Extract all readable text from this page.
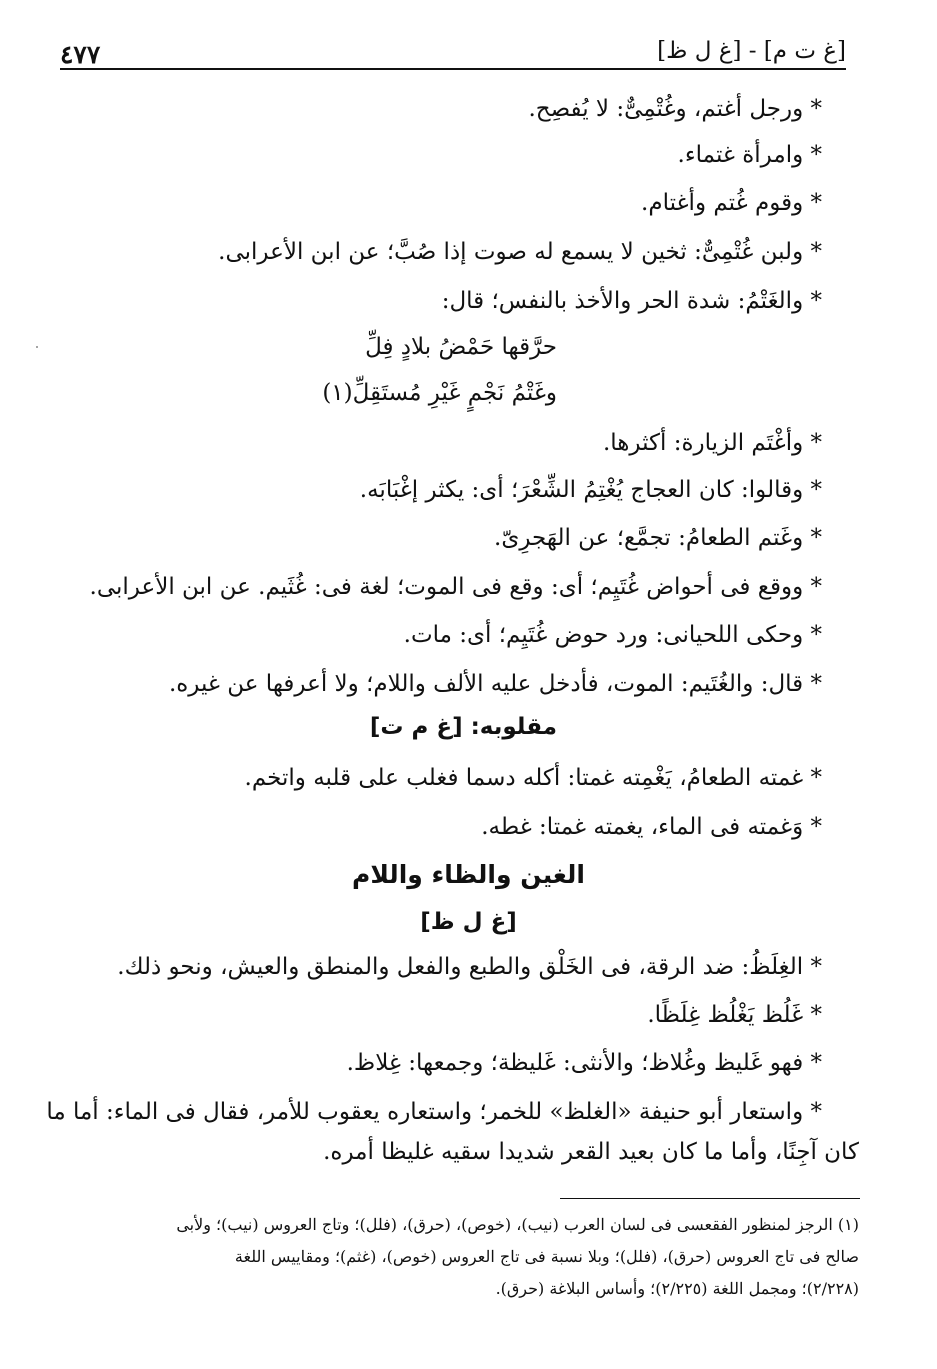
٤٧٧	[غ ت م] - [غ ل ظ]
* ورجل أغتم، وغُتْمِىٌّ: لا يُفصِح.
* وامرأة غتماء.
* وقوم غُتم وأغتام.
* ولبن غُتْمِىٌّ: ثخين لا يسمع له صوت إذا صُبَّ؛ عن ابن الأعرابى.
* والغَتْمُ: شدة الحر والأخذ بالنفس؛ قال:
حرَّقها حَمْضُ بلادٍ فِلِّ
وغَتْمُ نَجْمٍ غَيْرِ مُستَقِلِّ(١)
* وأغْتَم الزيارة: أكثرها.
* وقالوا: كان العجاج يُغْتِمُ الشِّعْرَ؛ أى: يكثر إغْبَابَه.
* وغَتم الطعامُ: تجمَّع؛ عن الهَجرِىّ.
* ووقع فى أحواض غُتَيِم؛ أى: وقع فى الموت؛ لغة فى: غُثَيم. عن ابن الأعرابى.
* وحكى اللحيانى: ورد حوض غُتَيِم؛ أى: مات.
* قال: والغُتَيم: الموت، فأدخل عليه الألف واللام؛ ولا أعرفها عن غيره.
مقلوبه: [غ م ت]
* غمته الطعامُ، يَغْمِته غمتا: أكله دسما فغلب على قلبه واتخم.
* وَغمته فى الماء، يغمته غمتا: غطه.
الغين والظاء واللام
[غ ل ظ]
* الغِلَظُ: ضد الرقة، فى الخَلْق والطبع والفعل والمنطق والعيش، ونحو ذلك.
* غَلُظ يَغْلُظ غِلَظًا.
* فهو غَليظ وغُلاظ؛ والأنثى: غَليظة؛ وجمعها: غِلاظ.
* واستعار أبو حنيفة «الغلظ» للخمر؛ واستعاره يعقوب للأمر، فقال فى الماء: أما ما
كان آجِنًا، وأما ما كان بعيد القعر شديدا سقيه غليظا أمره.
(١) الرجز لمنظور الفقعسى فى لسان العرب (نيب)، (خوص)، (حرق)، (فلل)؛ وتاج العروس (نيب)؛ ولأبى
صالح فى تاج العروس (حرق)، (فلل)؛ وبلا نسبة فى تاج العروس (خوص)، (غثم)؛ ومقاييس اللغة
(٢/٢٢٨)؛ ومجمل اللغة (٢/٢٢٥)؛ وأساس البلاغة (حرق).
